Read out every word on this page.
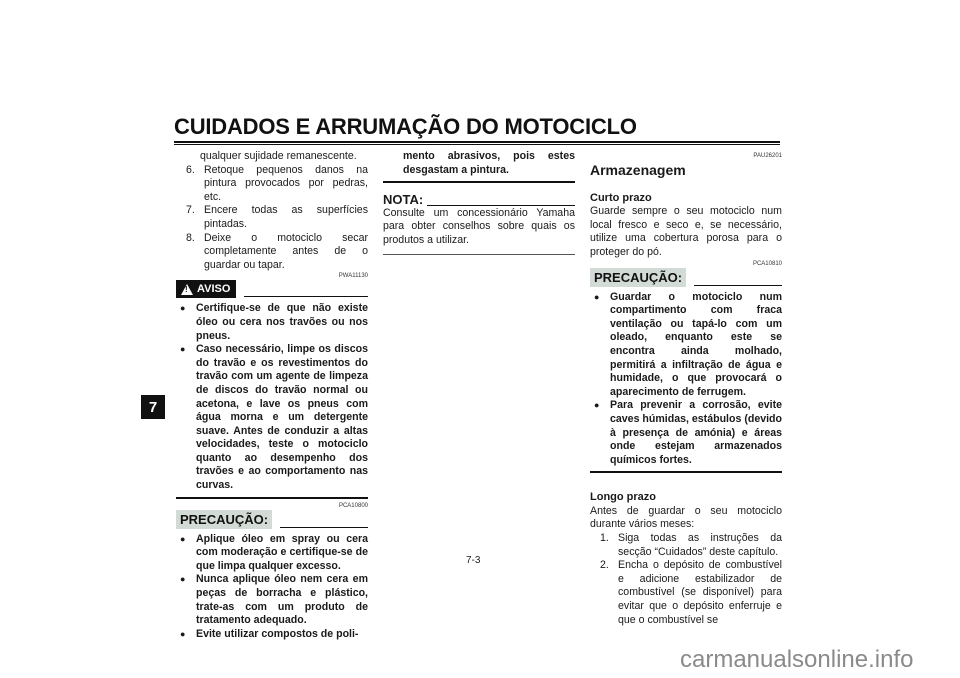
CUIDADOS E ARRUMAÇÃO DO MOTOCICLO
7

qualquer sujidade remanescente.

6. Retoque pequenos danos na pintura provocados por pedras, etc.
7. Encere todas as superfícies pintadas.
8. Deixe o motociclo secar completamente antes de o guardar ou tapar.
PWA11130
!
AVISO
● Certifique-se de que não existe óleo ou cera nos travões ou nos pneus.
● Caso necessário, limpe os discos do travão e os revestimentos do travão com um agente de limpeza de discos do travão normal ou acetona, e lave os pneus com água morna e um detergente suave. Antes de conduzir a altas velocidades, teste o motociclo quanto ao desempenho dos travões e ao comportamento nas curvas.
PCA10800
PRECAUÇÃO:
● Aplique óleo em spray ou cera com moderação e certifique-se de que limpa qualquer excesso.
● Nunca aplique óleo nem cera em peças de borracha e plástico, trate-as com um produto de tratamento adequado.
● Evite utilizar compostos de poli-

mento abrasivos, pois estes desgastam a pintura.

NOTA:

Consulte um concessionário Yamaha para obter conselhos sobre quais os produtos a utilizar.

PAU26201
Armazenagem
Curto prazo

Guarde sempre o seu motociclo num local fresco e seco e, se necessário, utilize uma cobertura porosa para o proteger do pó.

PCA10810
PRECAUÇÃO:
● Guardar o motociclo num compartimento com fraca ventilação ou tapá-lo com um oleado, enquanto este se encontra ainda molhado, permitirá a infiltração de água e humidade, o que provocará o aparecimento de ferrugem.
● Para prevenir a corrosão, evite caves húmidas, estábulos (devido à presença de amónia) e áreas onde estejam armazenados químicos fortes.
Longo prazo

Antes de guardar o seu motociclo durante vários meses:

1. Siga todas as instruções da secção “Cuidados” deste capítulo.
2. Encha o depósito de combustível e adicione estabilizador de combustível (se disponível) para evitar que o depósito enferruje e que o combustível se
7-3
carmanualsonline.info
